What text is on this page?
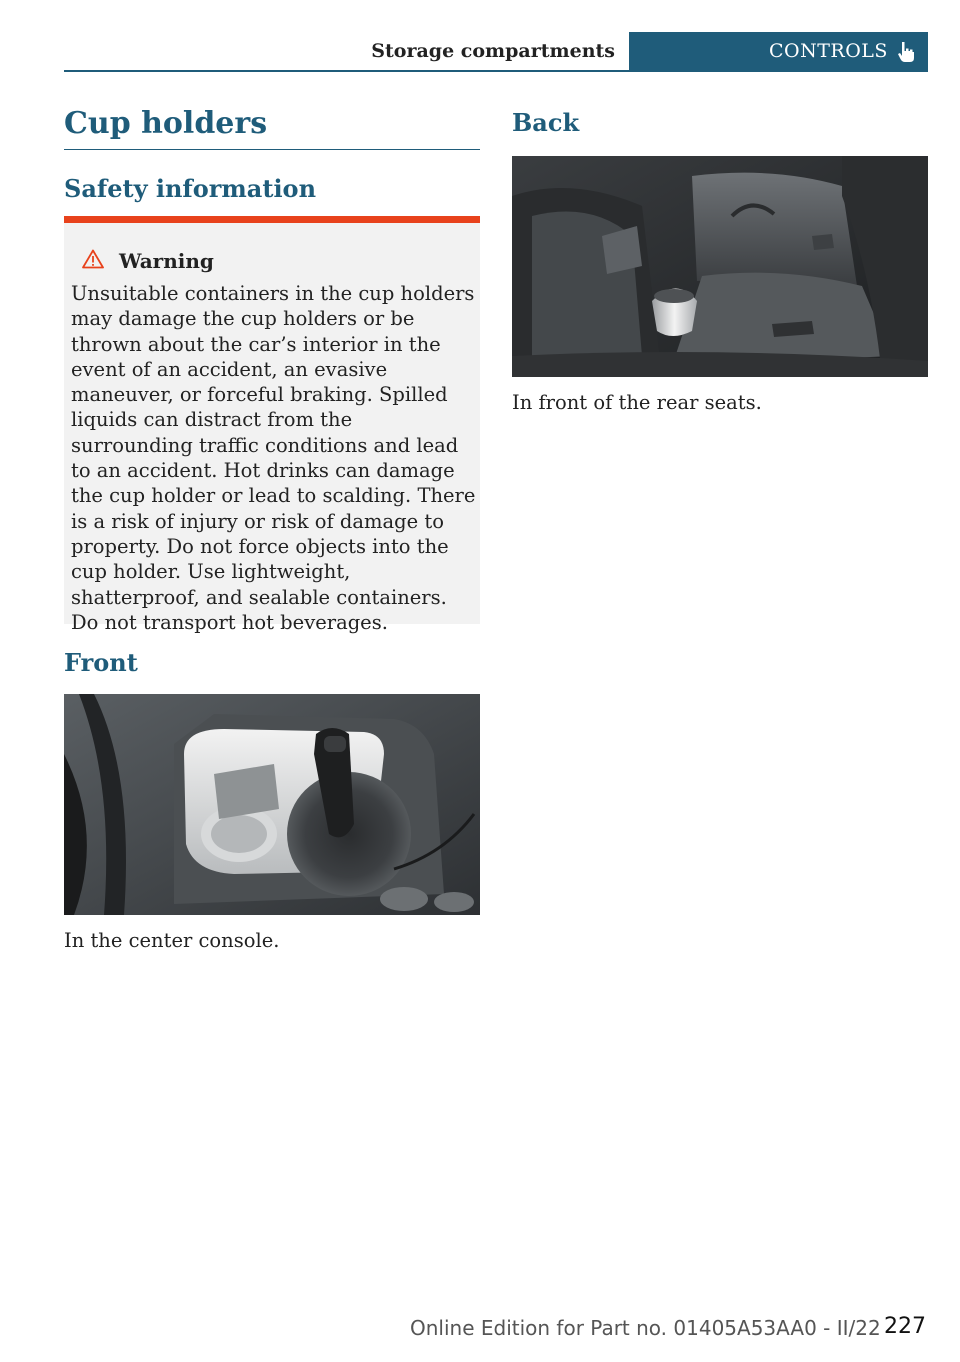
Storage compartments	CONTROLS
Cup holders
Safety information
Warning
Unsuitable containers in the cup holders may damage the cup holders or be thrown about the car’s interior in the event of an accident, an evasive maneuver, or forceful braking. Spilled liquids can distract from the surrounding traffic conditions and lead to an accident. Hot drinks can damage the cup holder or lead to scalding. There is a risk of injury or risk of damage to property. Do not force objects into the cup holder. Use lightweight, shatterproof, and sealable containers. Do not transport hot beverages.
Front
In the center console.
Back
In front of the rear seats.
Online Edition for Part no. 01405A53AA0 - II/22 227
